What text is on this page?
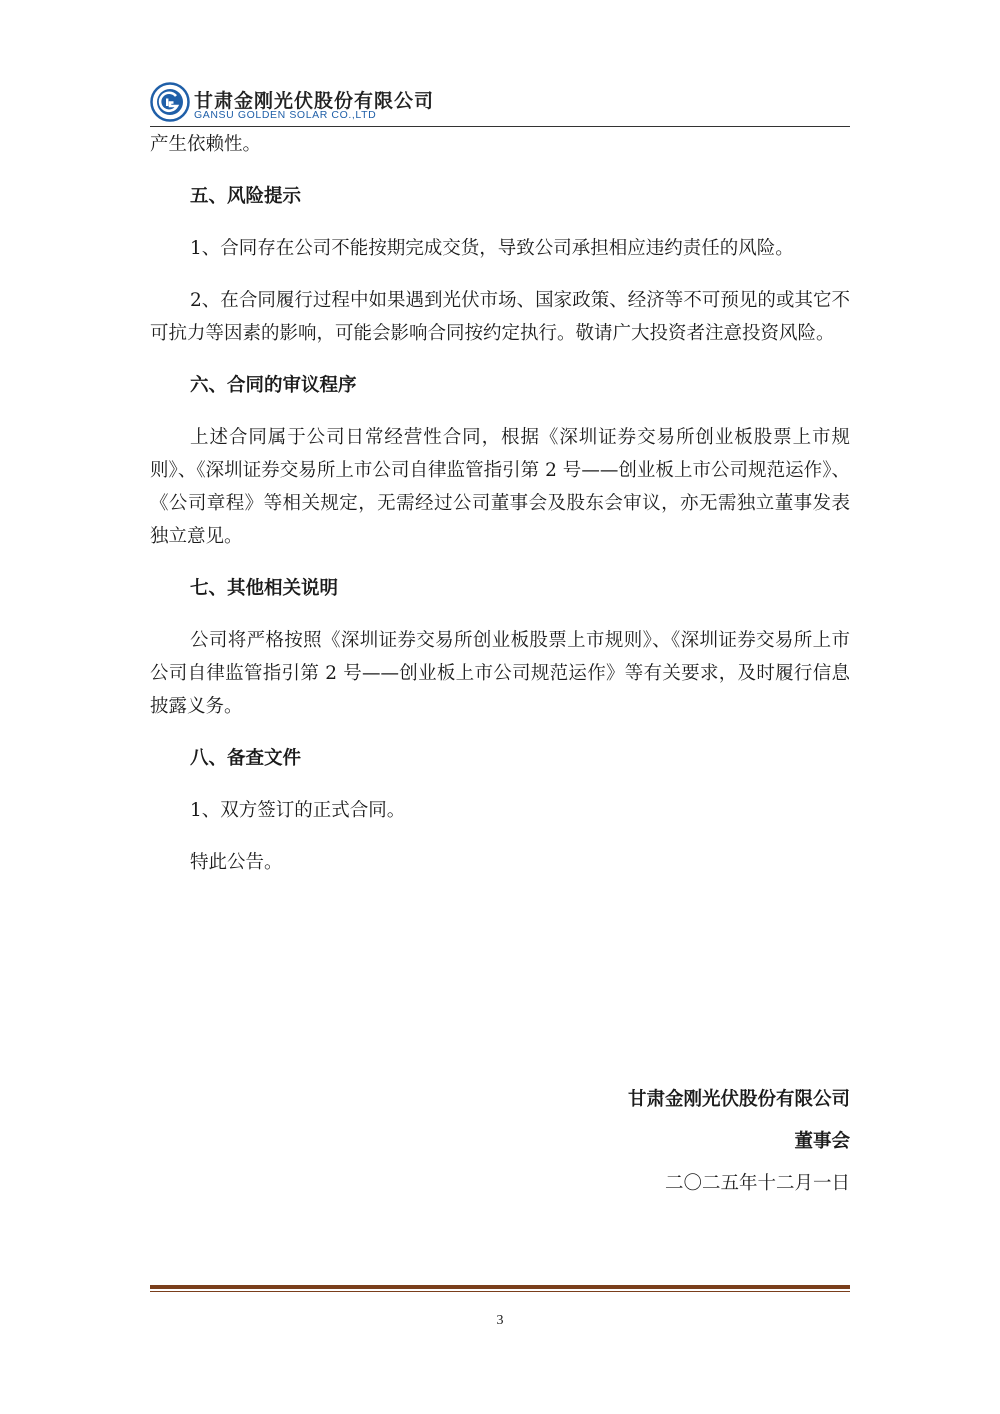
甘肃金刚光伏股份有限公司
GANSU GOLDEN SOLAR CO.,LTD

产生依赖性。

五、风险提示

1、合同存在公司不能按期完成交货，导致公司承担相应违约责任的风险。

2、在合同履行过程中如果遇到光伏市场、国家政策、经济等不可预见的或其它不可抗力等因素的影响，可能会影响合同按约定执行。敬请广大投资者注意投资风险。

六、合同的审议程序

上述合同属于公司日常经营性合同，根据《深圳证券交易所创业板股票上市规则》、《深圳证券交易所上市公司自律监管指引第 2 号——创业板上市公司规范运作》、《公司章程》等相关规定，无需经过公司董事会及股东会审议，亦无需独立董事发表独立意见。

七、其他相关说明

公司将严格按照《深圳证券交易所创业板股票上市规则》、《深圳证券交易所上市公司自律监管指引第 2 号——创业板上市公司规范运作》等有关要求，及时履行信息披露义务。

八、备查文件

1、双方签订的正式合同。

特此公告。

甘肃金刚光伏股份有限公司
董事会
二〇二五年十二月一日
3
